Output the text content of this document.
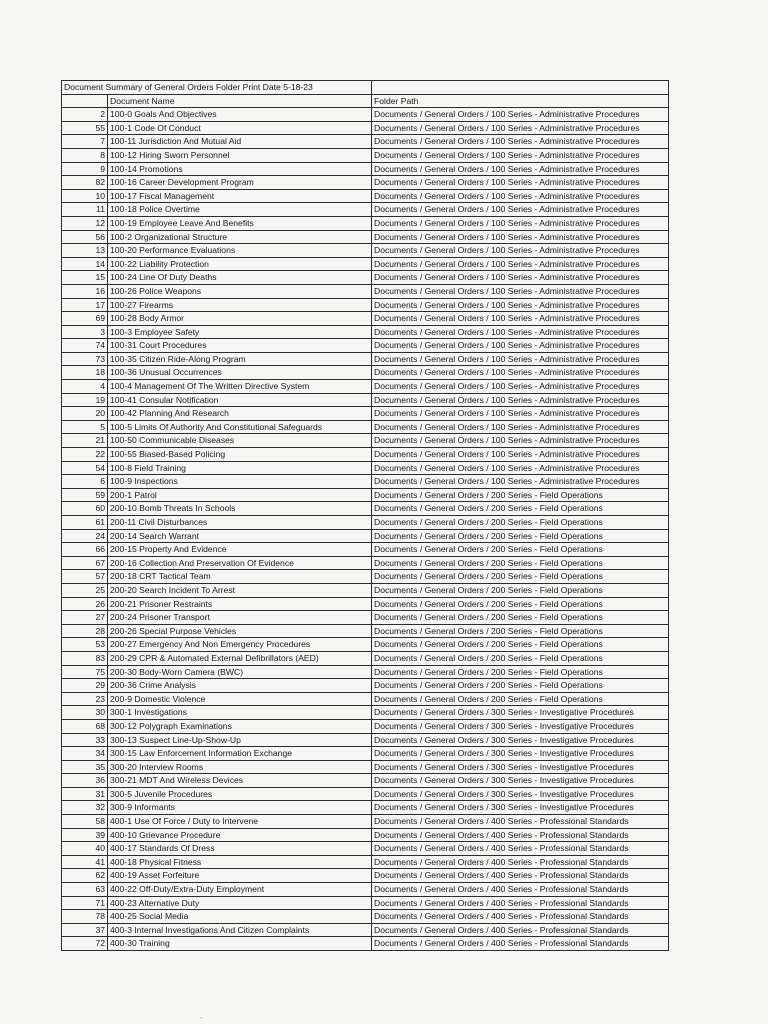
Document Summary of General Orders Folder Print Date 5-18-23		
	Document Name	Folder Path
2	100-0 Goals And Objectives	Documents / General Orders / 100 Series - Administrative Procedures
55	100-1 Code Of Conduct	Documents / General Orders / 100 Series - Administrative Procedures
7	100-11 Jurisdiction And Mutual Aid	Documents / General Orders / 100 Series - Administrative Procedures
8	100-12 Hiring Sworn Personnel	Documents / General Orders / 100 Series - Administrative Procedures
9	100-14 Promotions	Documents / General Orders / 100 Series - Administrative Procedures
82	100-16 Career Development Program	Documents / General Orders / 100 Series - Administrative Procedures
10	100-17 Fiscal Management	Documents / General Orders / 100 Series - Administrative Procedures
11	100-18 Police Overtime	Documents / General Orders / 100 Series - Administrative Procedures
12	100-19 Employee Leave And Benefits	Documents / General Orders / 100 Series - Administrative Procedures
56	100-2 Organizational Structure	Documents / General Orders / 100 Series - Administrative Procedures
13	100-20 Performance Evaluations	Documents / General Orders / 100 Series - Administrative Procedures
14	100-22 Liability Protection	Documents / General Orders / 100 Series - Administrative Procedures
15	100-24 Line Of Duty Deaths	Documents / General Orders / 100 Series - Administrative Procedures
16	100-26 Police Weapons	Documents / General Orders / 100 Series - Administrative Procedures
17	100-27 Firearms	Documents / General Orders / 100 Series - Administrative Procedures
69	100-28 Body Armor	Documents / General Orders / 100 Series - Administrative Procedures
3	100-3 Employee Safety	Documents / General Orders / 100 Series - Administrative Procedures
74	100-31 Court Procedures	Documents / General Orders / 100 Series - Administrative Procedures
73	100-35 Citizen Ride-Along Program	Documents / General Orders / 100 Series - Administrative Procedures
18	100-36 Unusual Occurrences	Documents / General Orders / 100 Series - Administrative Procedures
4	100-4 Management Of The Written Directive System	Documents / General Orders / 100 Series - Administrative Procedures
19	100-41 Consular Notification	Documents / General Orders / 100 Series - Administrative Procedures
20	100-42 Planning And Research	Documents / General Orders / 100 Series - Administrative Procedures
5	100-5 Limits Of Authority And Constitutional Safeguards	Documents / General Orders / 100 Series - Administrative Procedures
21	100-50 Communicable Diseases	Documents / General Orders / 100 Series - Administrative Procedures
22	100-55 Biased-Based Policing	Documents / General Orders / 100 Series - Administrative Procedures
54	100-8 Field Training	Documents / General Orders / 100 Series - Administrative Procedures
6	100-9 Inspections	Documents / General Orders / 100 Series - Administrative Procedures
59	200-1 Patrol	Documents / General Orders / 200 Series - Field Operations
60	200-10 Bomb Threats In Schools	Documents / General Orders / 200 Series - Field Operations
61	200-11 Civil Disturbances	Documents / General Orders / 200 Series - Field Operations
24	200-14 Search Warrant	Documents / General Orders / 200 Series - Field Operations
66	200-15 Property And Evidence	Documents / General Orders / 200 Series - Field Operations
67	200-16 Collection And Preservation Of Evidence	Documents / General Orders / 200 Series - Field Operations
57	200-18 CRT Tactical Team	Documents / General Orders / 200 Series - Field Operations
25	200-20 Search Incident To Arrest	Documents / General Orders / 200 Series - Field Operations
26	200-21 Prisoner Restraints	Documents / General Orders / 200 Series - Field Operations
27	200-24 Prisoner Transport	Documents / General Orders / 200 Series - Field Operations
28	200-26 Special Purpose Vehicles	Documents / General Orders / 200 Series - Field Operations
53	200-27 Emergency And Non Emergency Procedures	Documents / General Orders / 200 Series - Field Operations
83	200-29 CPR & Automated External Defibrillators (AED)	Documents / General Orders / 200 Series - Field Operations
75	200-30 Body-Worn Camera (BWC)	Documents / General Orders / 200 Series - Field Operations
29	200-36 Crime Analysis	Documents / General Orders / 200 Series - Field Operations
23	200-9 Domestic Violence	Documents / General Orders / 200 Series - Field Operations
30	300-1 Investigations	Documents / General Orders / 300 Series - Investigative Procedures
68	300-12 Polygraph Examinations	Documents / General Orders / 300 Series - Investigative Procedures
33	300-13 Suspect Line-Up-Show-Up	Documents / General Orders / 300 Series - Investigative Procedures
34	300-15 Law Enforcement Information Exchange	Documents / General Orders / 300 Series - Investigative Procedures
35	300-20 Interview Rooms	Documents / General Orders / 300 Series - Investigative Procedures
36	300-21 MDT And Wireless Devices	Documents / General Orders / 300 Series - Investigative Procedures
31	300-5 Juvenile Procedures	Documents / General Orders / 300 Series - Investigative Procedures
32	300-9 Informants	Documents / General Orders / 300 Series - Investigative Procedures
58	400-1 Use Of Force / Duty to Intervene	Documents / General Orders / 400 Series - Professional Standards
39	400-10 Grievance Procedure	Documents / General Orders / 400 Series - Professional Standards
40	400-17 Standards Of Dress	Documents / General Orders / 400 Series - Professional Standards
41	400-18 Physical Fitness	Documents / General Orders / 400 Series - Professional Standards
62	400-19 Asset Forfeiture	Documents / General Orders / 400 Series - Professional Standards
63	400-22 Off-Duty/Extra-Duty Employment	Documents / General Orders / 400 Series - Professional Standards
71	400-23 Alternative Duty	Documents / General Orders / 400 Series - Professional Standards
78	400-25 Social Media	Documents / General Orders / 400 Series - Professional Standards
37	400-3 Internal Investigations And Citizen Complaints	Documents / General Orders / 400 Series - Professional Standards
72	400-30 Training	Documents / General Orders / 400 Series - Professional Standards
ˎ
